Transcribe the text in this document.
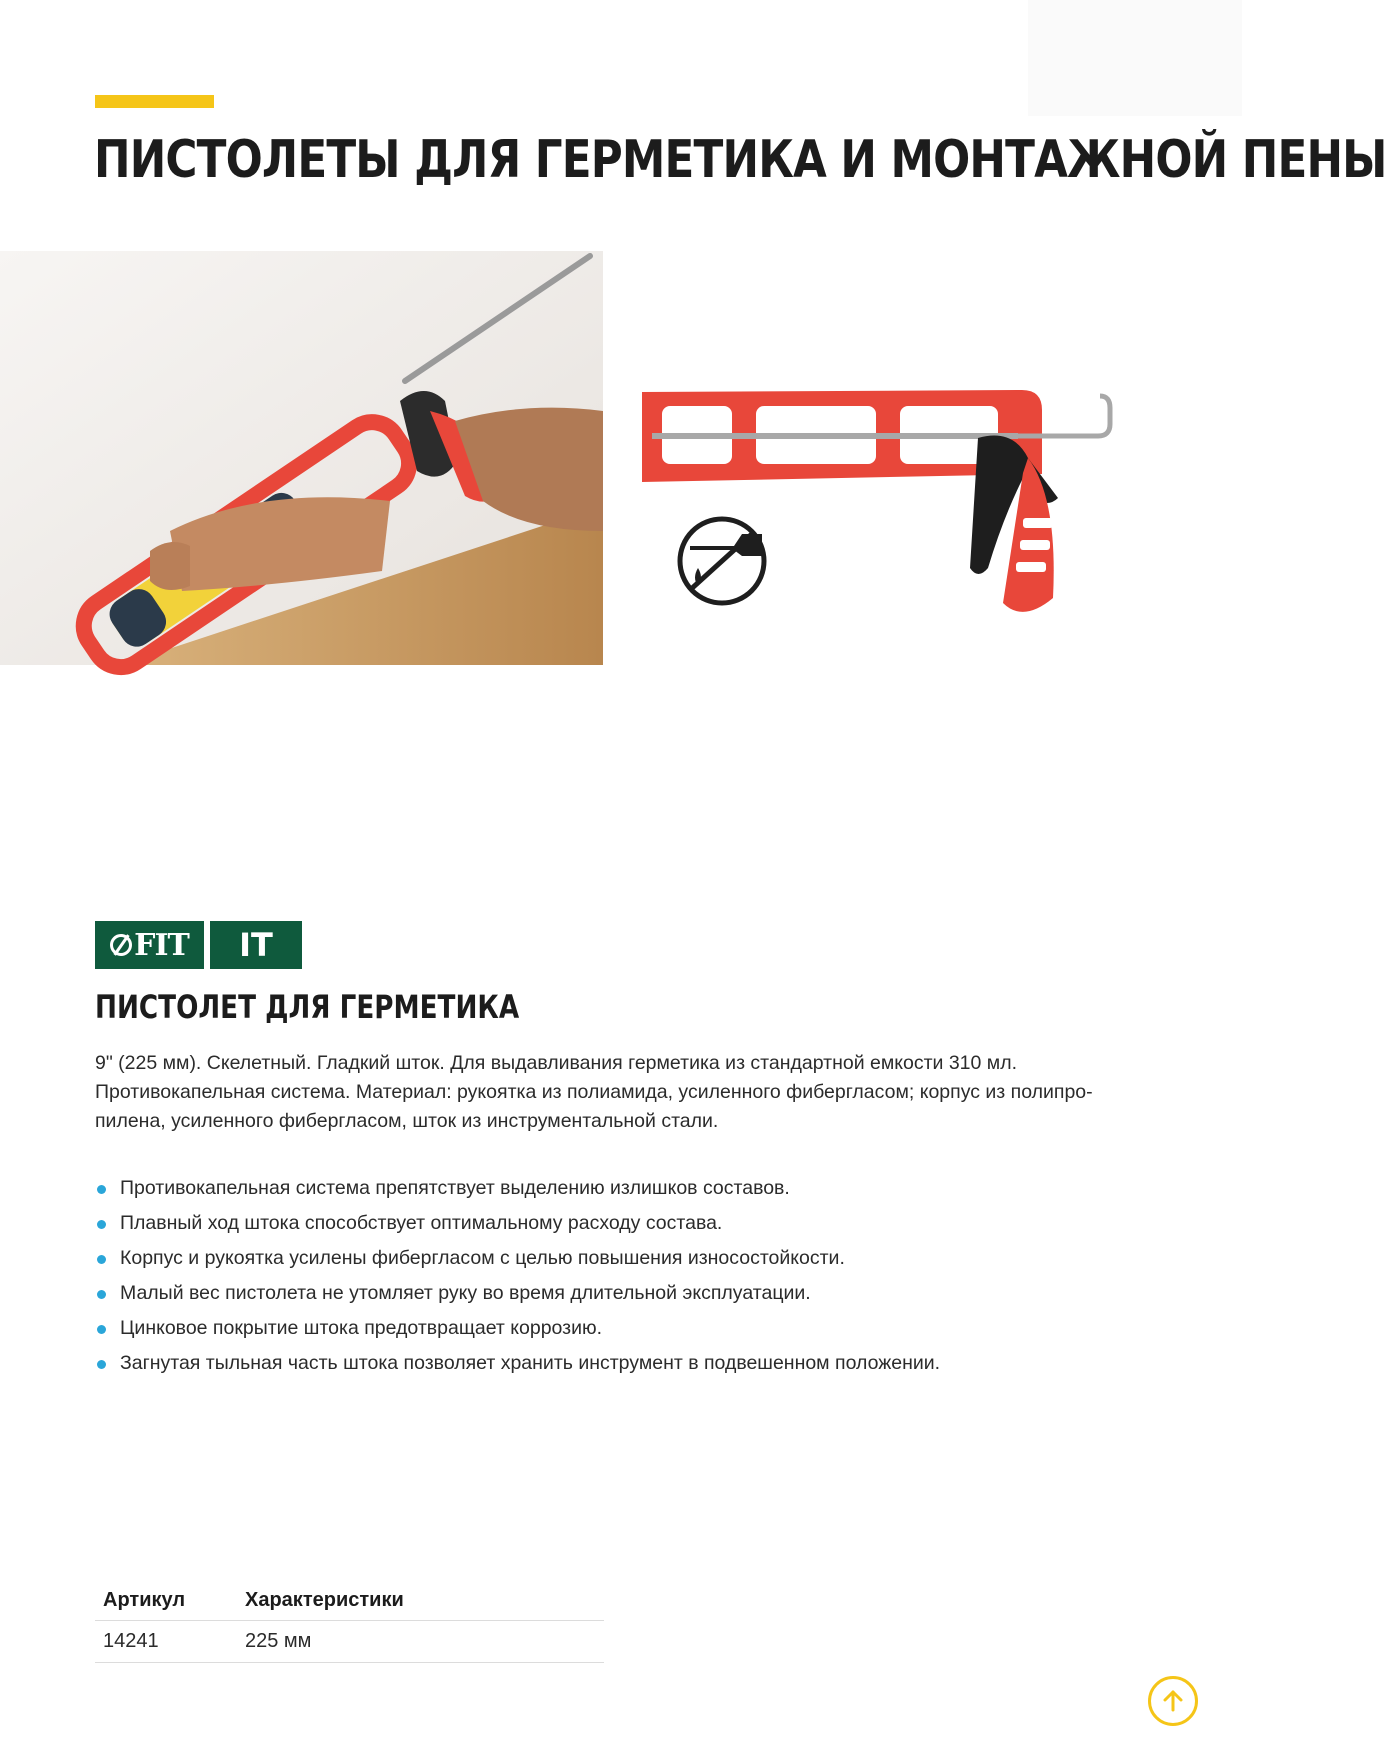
ПИСТОЛЕТЫ ДЛЯ ГЕРМЕТИКА И МОНТАЖНОЙ ПЕНЫ
FIT IT
ПИСТОЛЕТ ДЛЯ ГЕРМЕТИКА

9" (225 мм). Скелетный. Гладкий шток. Для выдавливания герметика из стандартной емкости 310 мл.
Противокапельная система. Материал: рукоятка из полиамида, усиленного фибергласом; корпус из полипро-
пилена, усиленного фибергласом, шток из инструментальной стали.

Противокапельная система препятствует выделению излишков составов.
Плавный ход штока способствует оптимальному расходу состава.
Корпус и рукоятка усилены фибергласом с целью повышения износостойкости.
Малый вес пистолета не утомляет руку во время длительной эксплуатации.
Цинковое покрытие штока предотвращает коррозию.
Загнутая тыльная часть штока позволяет хранить инструмент в подвешенном положении.
Артикул	Характеристики
14241	225 мм
